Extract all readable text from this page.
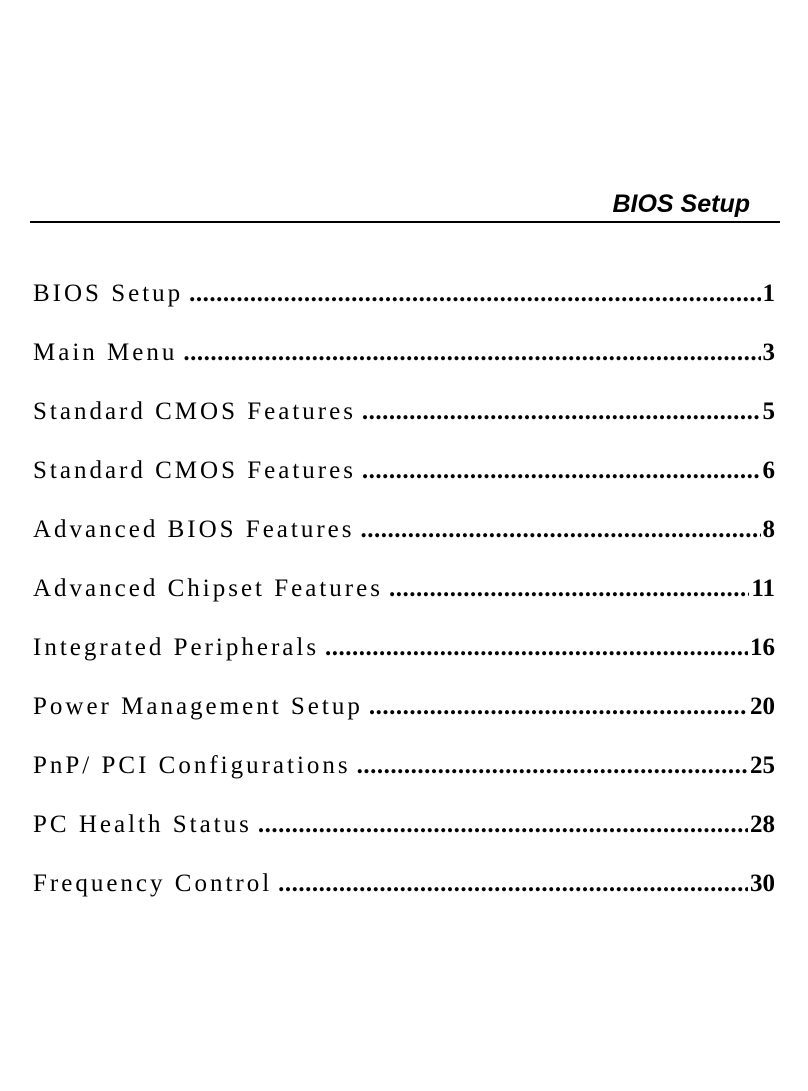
BIOS Setup
BIOS Setup .....	1
Main Menu .....	3
Standard CMOS Features .....	5
Standard CMOS Features .....	6
Advanced BIOS Features .....	8
Advanced Chipset Features .....	11
Integrated Peripherals .....	16
Power Management Setup .....	20
PnP/ PCI Configurations .....	25
PC Health Status .....	28
Frequency Control .....	30
